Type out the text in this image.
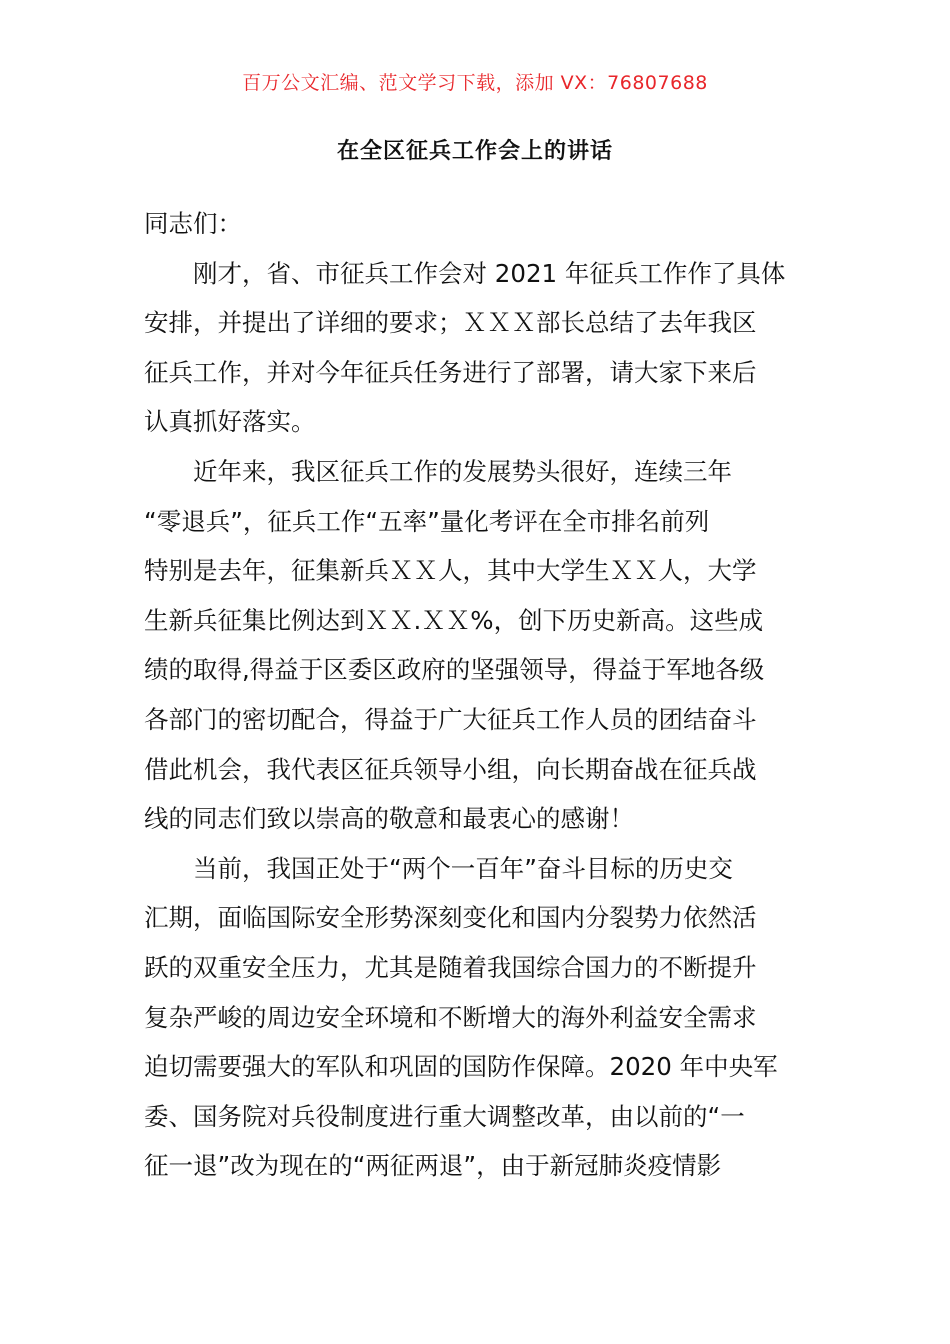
百万公文汇编、范文学习下载，添加 VX：76807688
在全区征兵工作会上的讲话
同志们：
刚才，省、市征兵工作会对 2021 年征兵工作作了具体
安排，并提出了详细的要求；ＸＸＸ部长总结了去年我区
征兵工作，并对今年征兵任务进行了部署，请大家下来后
认真抓好落实。
近年来，我区征兵工作的发展势头很好，连续三年
“零退兵”，征兵工作“五率”量化考评在全市排名前列
特别是去年，征集新兵ＸＸ人，其中大学生ＸＸ人，大学
生新兵征集比例达到ＸＸ.ＸＸ%，创下历史新高。这些成
绩的取得,得益于区委区政府的坚强领导，得益于军地各级
各部门的密切配合，得益于广大征兵工作人员的团结奋斗
借此机会，我代表区征兵领导小组，向长期奋战在征兵战
线的同志们致以崇高的敬意和最衷心的感谢！
当前，我国正处于“两个一百年”奋斗目标的历史交
汇期，面临国际安全形势深刻变化和国内分裂势力依然活
跃的双重安全压力，尤其是随着我国综合国力的不断提升
复杂严峻的周边安全环境和不断增大的海外利益安全需求
迫切需要强大的军队和巩固的国防作保障。2020 年中央军
委、国务院对兵役制度进行重大调整改革，由以前的“一
征一退”改为现在的“两征两退”，由于新冠肺炎疫情影
